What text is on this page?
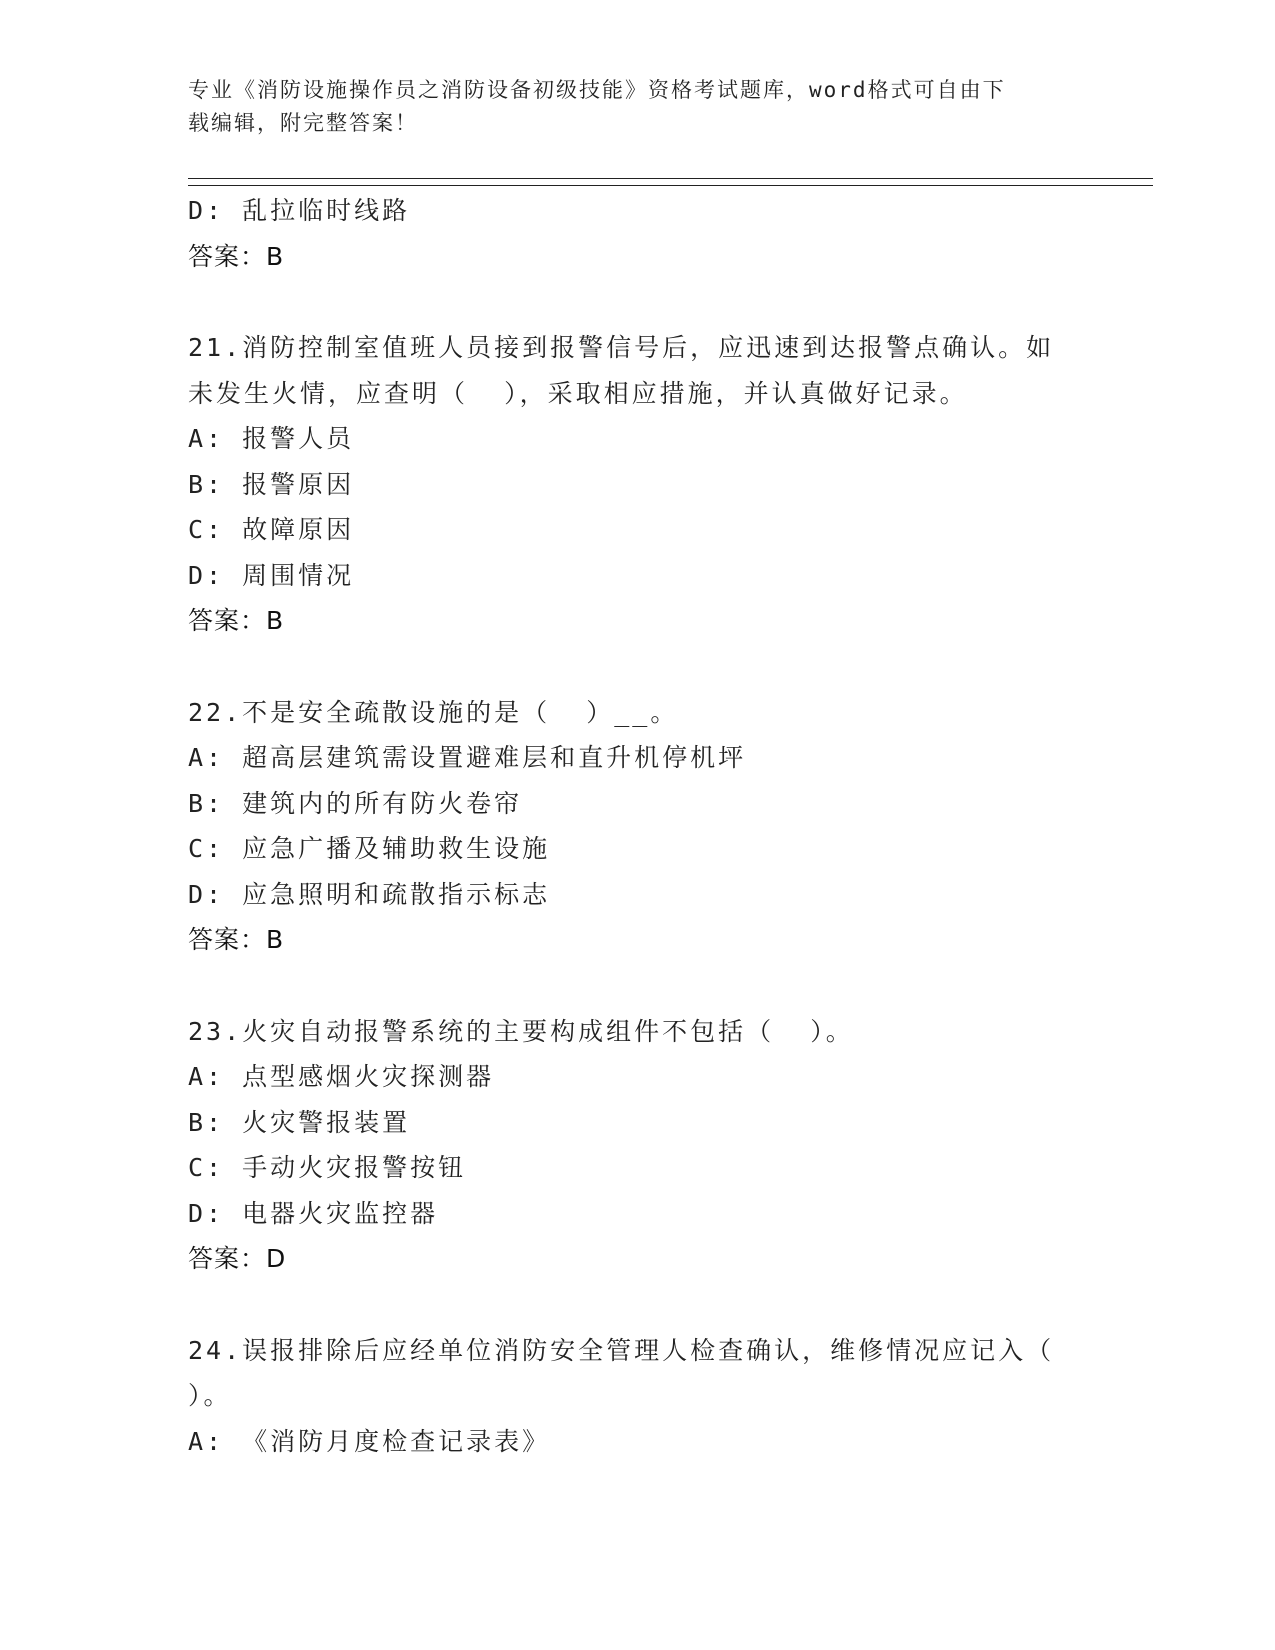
专业《消防设施操作员之消防设备初级技能》资格考试题库，word格式可自由下
载编辑，附完整答案！
D: 乱拉临时线路
答案：B
21.消防控制室值班人员接到报警信号后，应迅速到达报警点确认。如
未发生火情，应查明（  ），采取相应措施，并认真做好记录。
A: 报警人员
B: 报警原因
C: 故障原因
D: 周围情况
答案：B
22.不是安全疏散设施的是（  ）__。
A: 超高层建筑需设置避难层和直升机停机坪
B: 建筑内的所有防火卷帘
C: 应急广播及辅助救生设施
D: 应急照明和疏散指示标志
答案：B
23.火灾自动报警系统的主要构成组件不包括（  ）。
A: 点型感烟火灾探测器
B: 火灾警报装置
C: 手动火灾报警按钮
D: 电器火灾监控器
答案：D
24.误报排除后应经单位消防安全管理人检查确认，维修情况应记入（
）。
A: 《消防月度检查记录表》
